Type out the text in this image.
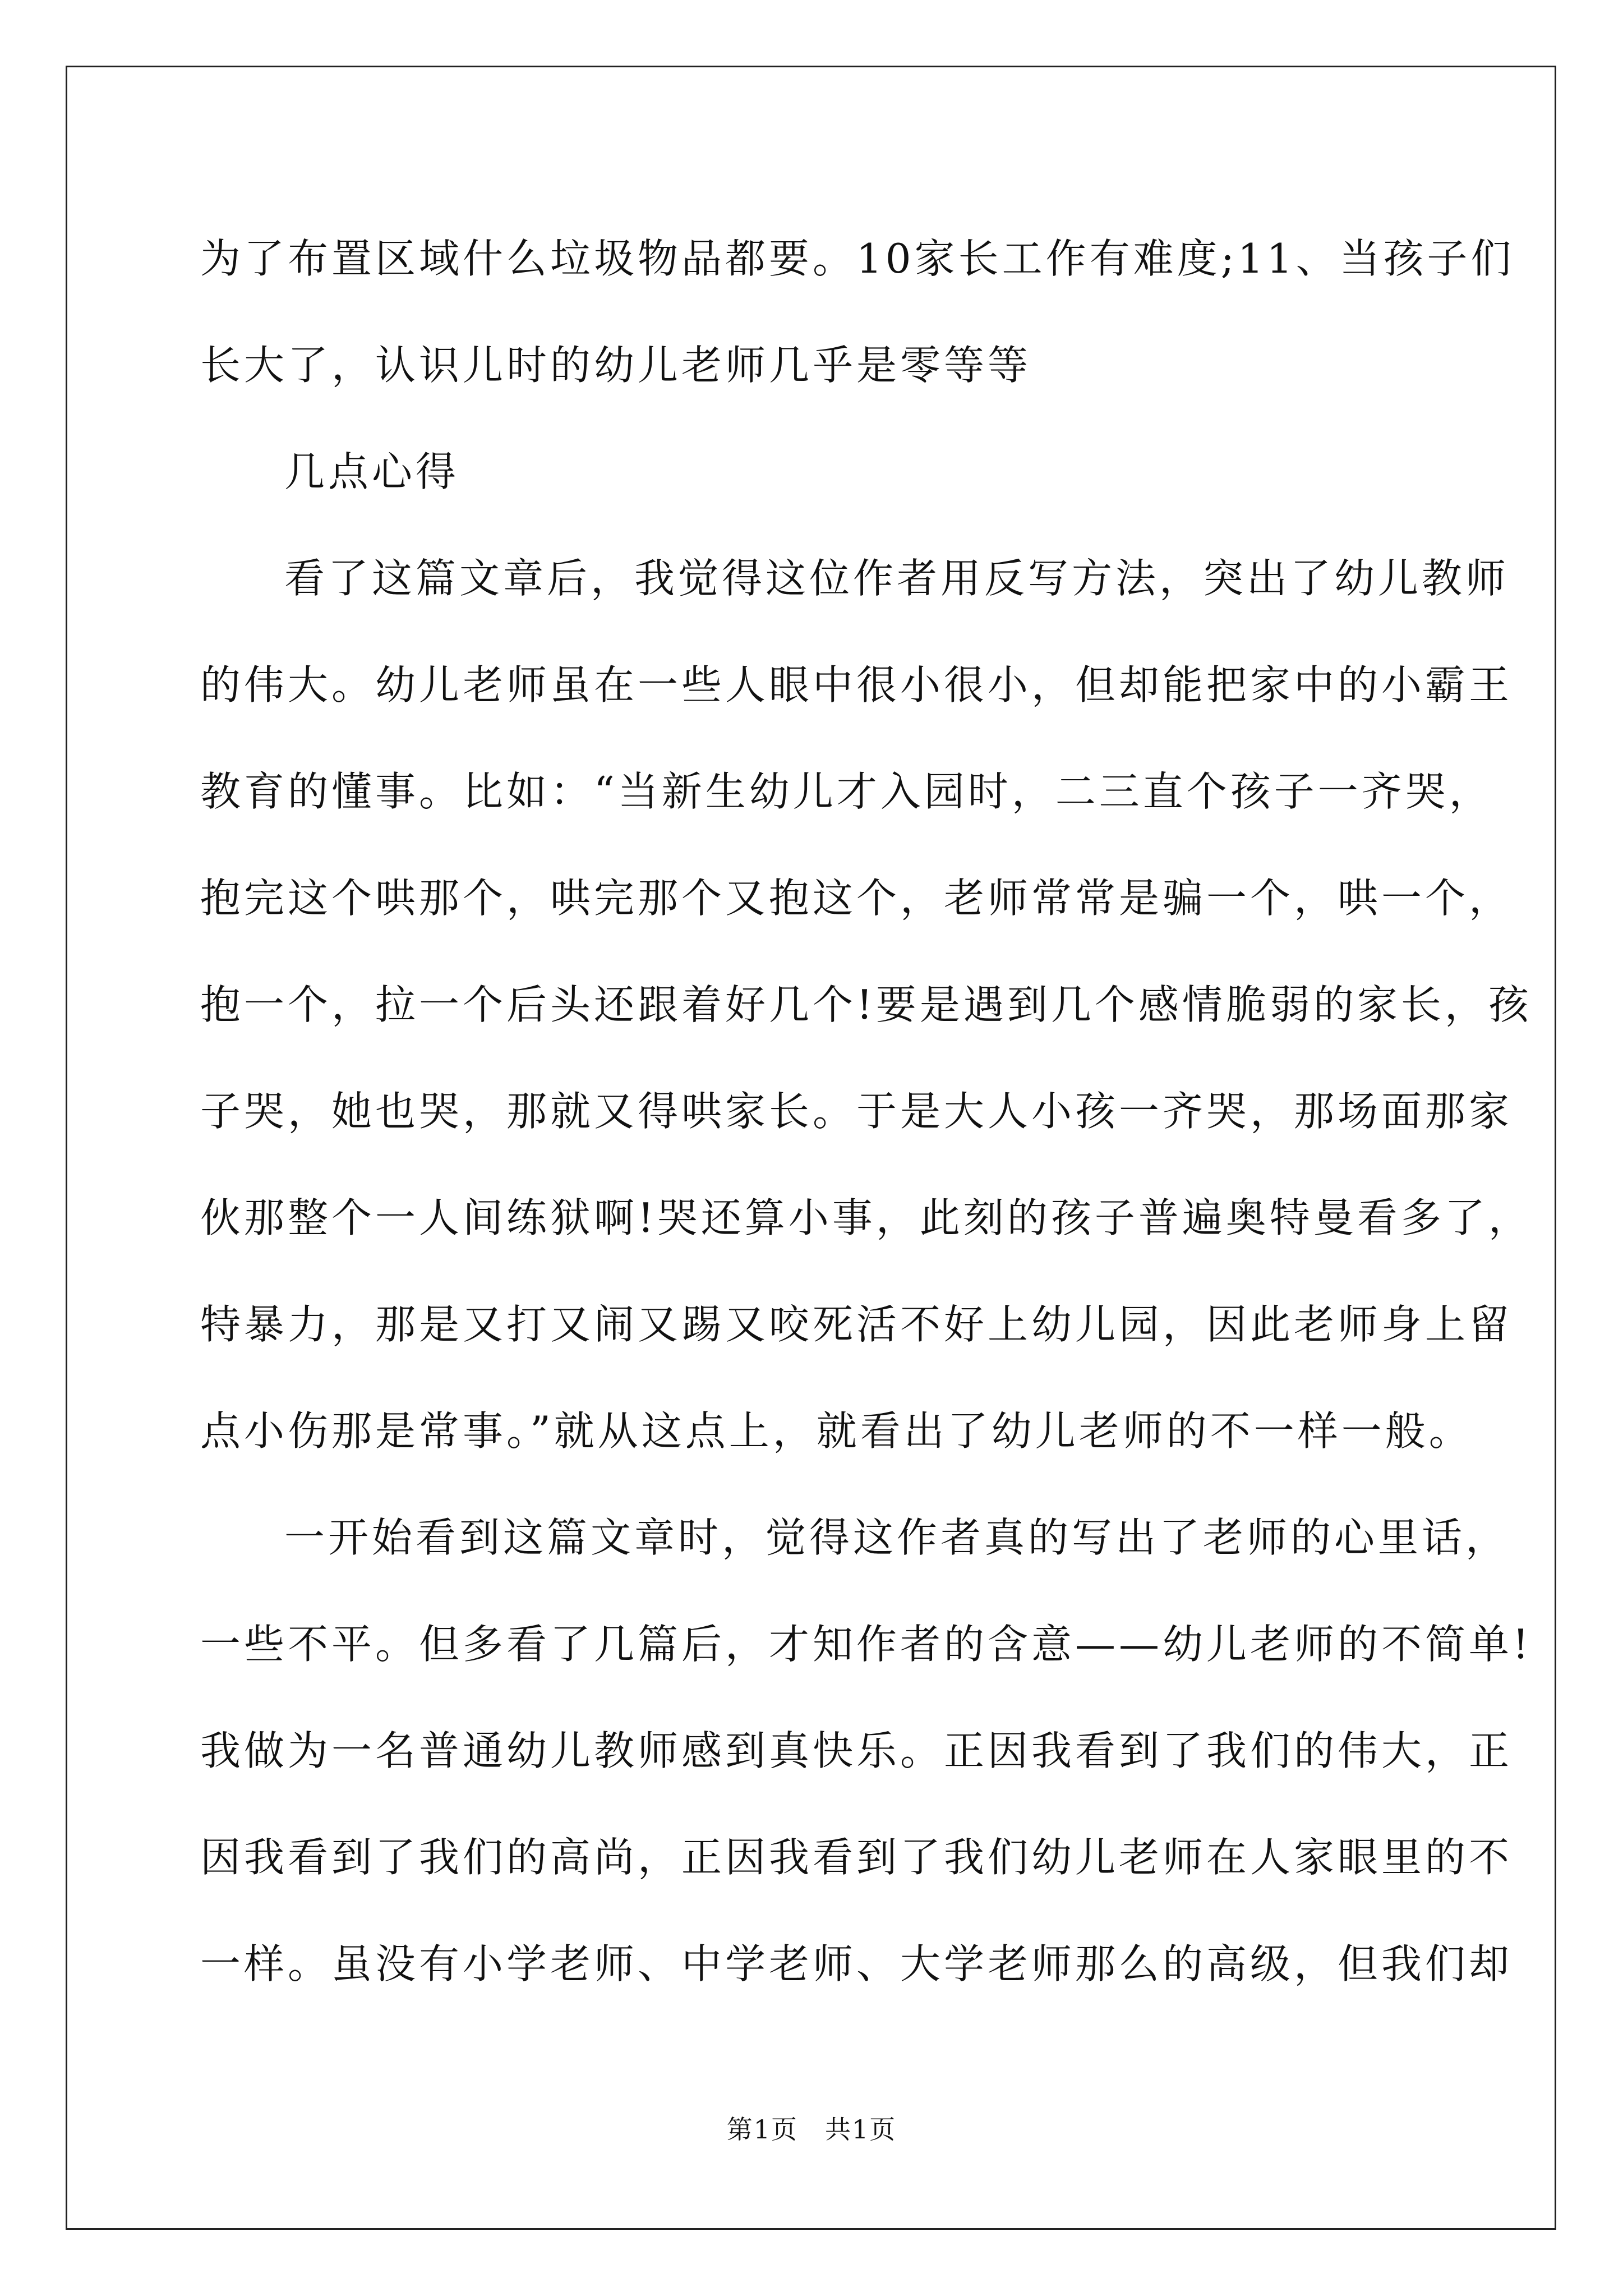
为了布置区域什么垃圾物品都要。10家长工作有难度;11、当孩子们
长大了，认识儿时的幼儿老师几乎是零等等
几点心得
看了这篇文章后，我觉得这位作者用反写方法，突出了幼儿教师
的伟大。幼儿老师虽在一些人眼中很小很小，但却能把家中的小霸王
教育的懂事。比如：“当新生幼儿才入园时，二三直个孩子一齐哭，
抱完这个哄那个，哄完那个又抱这个，老师常常是骗一个，哄一个，
抱一个，拉一个后头还跟着好几个!要是遇到几个感情脆弱的家长，孩
子哭，她也哭，那就又得哄家长。于是大人小孩一齐哭，那场面那家
伙那整个一人间练狱啊!哭还算小事，此刻的孩子普遍奥特曼看多了，
特暴力，那是又打又闹又踢又咬死活不好上幼儿园，因此老师身上留
点小伤那是常事。”就从这点上，就看出了幼儿老师的不一样一般。
一开始看到这篇文章时，觉得这作者真的写出了老师的心里话，
一些不平。但多看了几篇后，才知作者的含意——幼儿老师的不简单!
我做为一名普通幼儿教师感到真快乐。正因我看到了我们的伟大，正
因我看到了我们的高尚，正因我看到了我们幼儿老师在人家眼里的不
一样。虽没有小学老师、中学老师、大学老师那么的高级，但我们却
第1页　共1页
